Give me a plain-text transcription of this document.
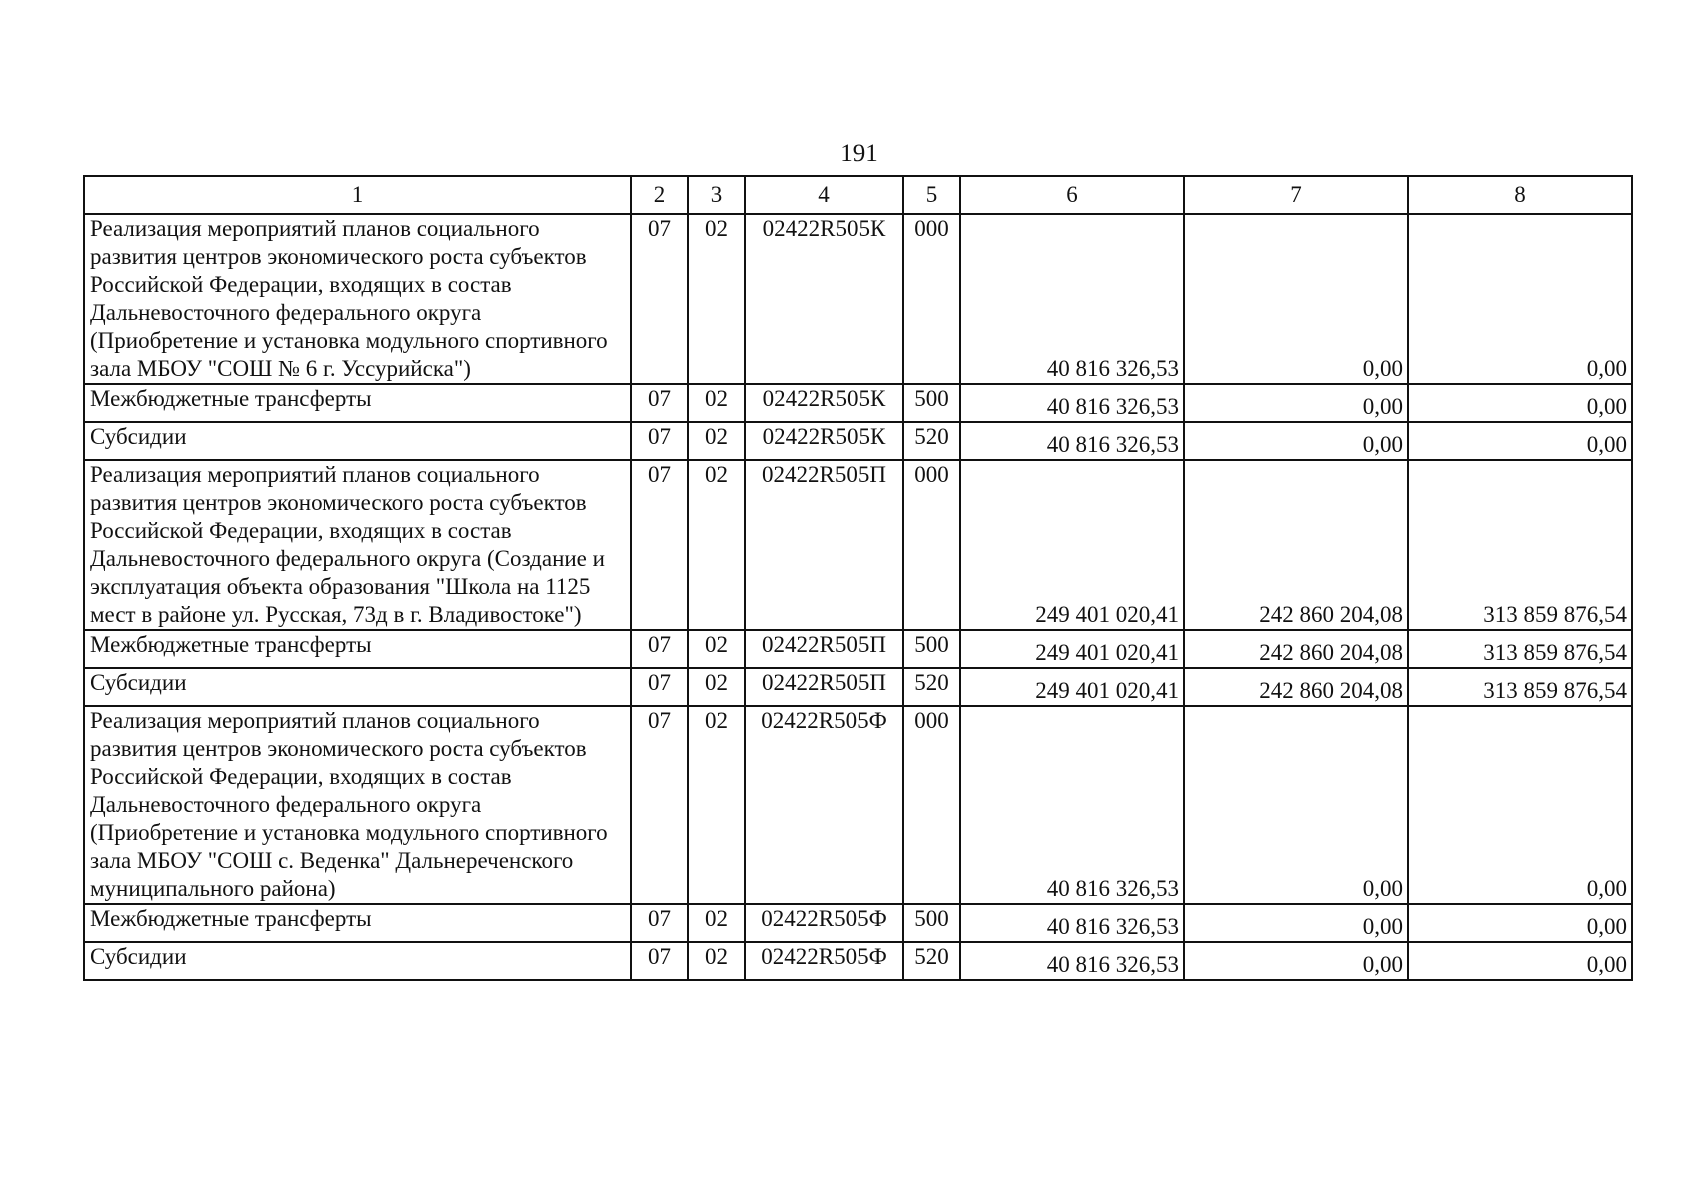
191
1	2	3	4	5	6	7	8
Реализация мероприятий планов социального развития центров экономического роста субъектов Российской Федерации, входящих в состав Дальневосточного федерального округа (Приобретение и установка модульного спортивного зала МБОУ "СОШ № 6 г. Уссурийска")	07	02	02422R505К	000	40 816 326,53	0,00	0,00
Межбюджетные трансферты	07	02	02422R505К	500	40 816 326,53	0,00	0,00
Субсидии	07	02	02422R505К	520	40 816 326,53	0,00	0,00
Реализация мероприятий планов социального развития центров экономического роста субъектов Российской Федерации, входящих в состав Дальневосточного федерального округа (Создание и эксплуатация объекта образования "Школа на 1125 мест в районе ул. Русская, 73д в г. Владивостоке")	07	02	02422R505П	000	249 401 020,41	242 860 204,08	313 859 876,54
Межбюджетные трансферты	07	02	02422R505П	500	249 401 020,41	242 860 204,08	313 859 876,54
Субсидии	07	02	02422R505П	520	249 401 020,41	242 860 204,08	313 859 876,54
Реализация мероприятий планов социального развития центров экономического роста субъектов Российской Федерации, входящих в состав Дальневосточного федерального округа (Приобретение и установка модульного спортивного зала МБОУ "СОШ с. Веденка" Дальнереченского муниципального района)	07	02	02422R505Ф	000	40 816 326,53	0,00	0,00
Межбюджетные трансферты	07	02	02422R505Ф	500	40 816 326,53	0,00	0,00
Субсидии	07	02	02422R505Ф	520	40 816 326,53	0,00	0,00
